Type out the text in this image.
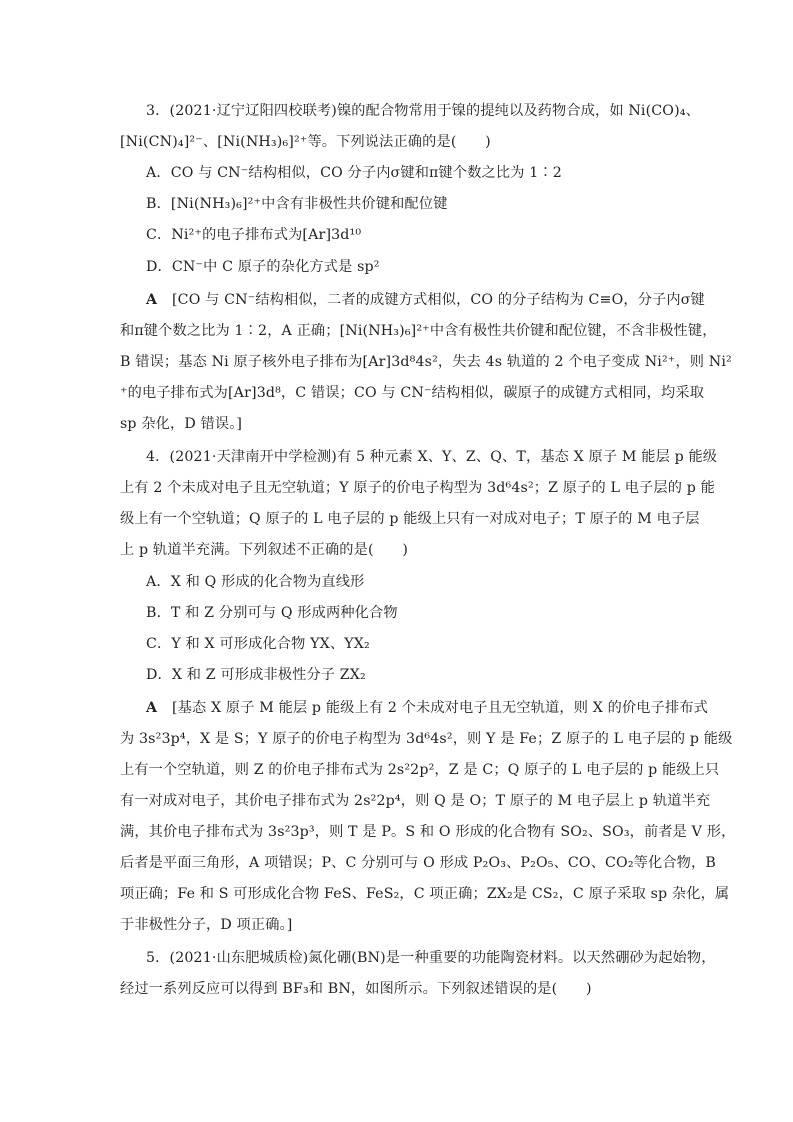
3．(2021·辽宁辽阳四校联考)镍的配合物常用于镍的提纯以及药物合成，如 Ni(CO)₄、
[Ni(CN)₄]²⁻、[Ni(NH₃)₆]²⁺等。下列说法正确的是(　　)
A．CO 与 CN⁻结构相似，CO 分子内σ键和π键个数之比为 1∶2
B．[Ni(NH₃)₆]²⁺中含有非极性共价键和配位键
C．Ni²⁺的电子排布式为[Ar]3d¹⁰
D．CN⁻中 C 原子的杂化方式是 sp²
A [CO 与 CN⁻结构相似，二者的成键方式相似，CO 的分子结构为 C≡O，分子内σ键
和π键个数之比为 1∶2，A 正确；[Ni(NH₃)₆]²⁺中含有极性共价键和配位键，不含非极性键，
B 错误；基态 Ni 原子核外电子排布为[Ar]3d⁸4s²，失去 4s 轨道的 2 个电子变成 Ni²⁺，则 Ni²
⁺的电子排布式为[Ar]3d⁸，C 错误；CO 与 CN⁻结构相似，碳原子的成键方式相同，均采取
sp 杂化，D 错误。]
4．(2021·天津南开中学检测)有 5 种元素 X、Y、Z、Q、T，基态 X 原子 M 能层 p 能级
上有 2 个未成对电子且无空轨道；Y 原子的价电子构型为 3d⁶4s²；Z 原子的 L 电子层的 p 能
级上有一个空轨道；Q 原子的 L 电子层的 p 能级上只有一对成对电子；T 原子的 M 电子层
上 p 轨道半充满。下列叙述不正确的是(　　)
A．X 和 Q 形成的化合物为直线形
B．T 和 Z 分别可与 Q 形成两种化合物
C．Y 和 X 可形成化合物 YX、YX₂
D．X 和 Z 可形成非极性分子 ZX₂
A [基态 X 原子 M 能层 p 能级上有 2 个未成对电子且无空轨道，则 X 的价电子排布式
为 3s²3p⁴，X 是 S；Y 原子的价电子构型为 3d⁶4s²，则 Y 是 Fe；Z 原子的 L 电子层的 p 能级
上有一个空轨道，则 Z 的价电子排布式为 2s²2p²，Z 是 C；Q 原子的 L 电子层的 p 能级上只
有一对成对电子，其价电子排布式为 2s²2p⁴，则 Q 是 O；T 原子的 M 电子层上 p 轨道半充
满，其价电子排布式为 3s²3p³，则 T 是 P。S 和 O 形成的化合物有 SO₂、SO₃，前者是 V 形，
后者是平面三角形，A 项错误；P、C 分别可与 O 形成 P₂O₃、P₂O₅、CO、CO₂等化合物，B
项正确；Fe 和 S 可形成化合物 FeS、FeS₂，C 项正确；ZX₂是 CS₂，C 原子采取 sp 杂化，属
于非极性分子，D 项正确。]
5．(2021·山东肥城质检)氮化硼(BN)是一种重要的功能陶瓷材料。以天然硼砂为起始物，
经过一系列反应可以得到 BF₃和 BN，如图所示。下列叙述错误的是(　　)
